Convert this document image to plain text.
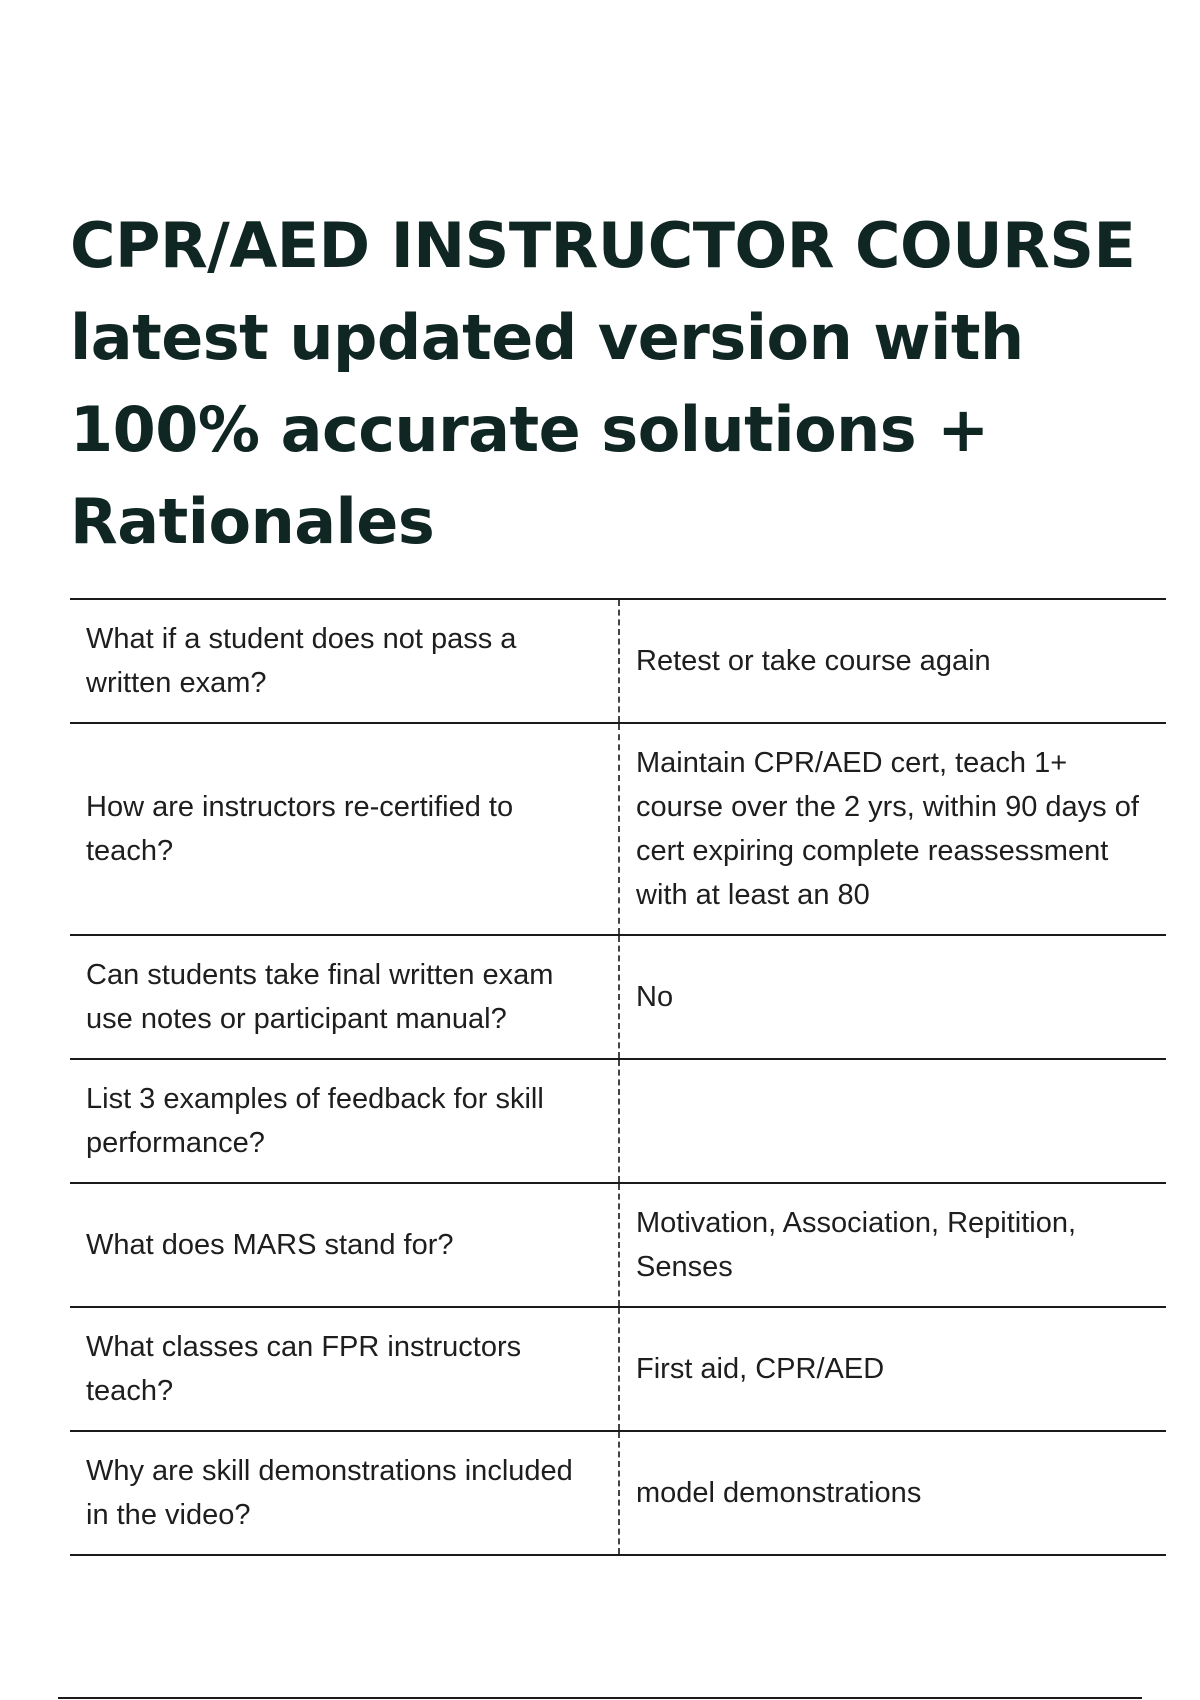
CPR/AED INSTRUCTOR COURSE latest updated version with 100% accurate solutions + Rationales
What if a student does not pass a written exam?
Retest or take course again
How are instructors re-certified to teach?
Maintain CPR/AED cert, teach 1+ course over the 2 yrs, within 90 days of cert expiring complete reassessment with at least an 80
Can students take final written exam use notes or participant manual?
No
List 3 examples of feedback for skill performance?
What does MARS stand for?
Motivation, Association, Repitition, Senses
What classes can FPR instructors teach?
First aid, CPR/AED
Why are skill demonstrations included in the video?
model demonstrations
